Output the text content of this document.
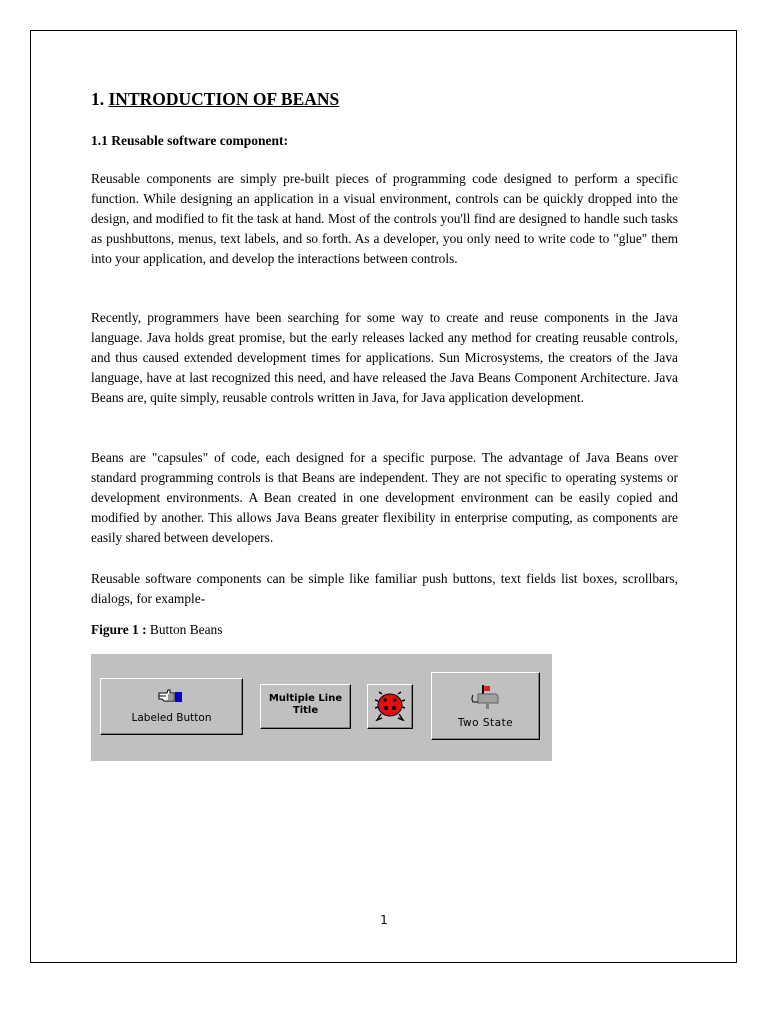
1. INTRODUCTION OF BEANS
1.1 Reusable software component:

Reusable components are simply pre-built pieces of programming code designed to perform a specific function. While designing an application in a visual environment, controls can be quickly dropped into the design, and modified to fit the task at hand. Most of the controls you'll find are designed to handle such tasks as pushbuttons, menus, text labels, and so forth. As a developer, you only need to write code to "glue" them into your application, and develop the interactions between controls.

Recently, programmers have been searching for some way to create and reuse components in the Java language. Java holds great promise, but the early releases lacked any method for creating reusable controls, and thus caused extended development times for applications. Sun Microsystems, the creators of the Java language, have at last recognized this need, and have released the Java Beans Component Architecture. Java Beans are, quite simply, reusable controls written in Java, for Java application development.

Beans are "capsules" of code, each designed for a specific purpose. The advantage of Java Beans over standard programming controls is that Beans are independent. They are not specific to operating systems or development environments. A Bean created in one development environment can be easily copied and modified by another. This allows Java Beans greater flexibility in enterprise computing, as components are easily shared between developers.

Reusable software components can be simple like familiar push buttons, text fields list boxes, scrollbars, dialogs, for example-

Figure 1 : Button Beans

Labeled Button
Multiple Line
Title
Two State

1
